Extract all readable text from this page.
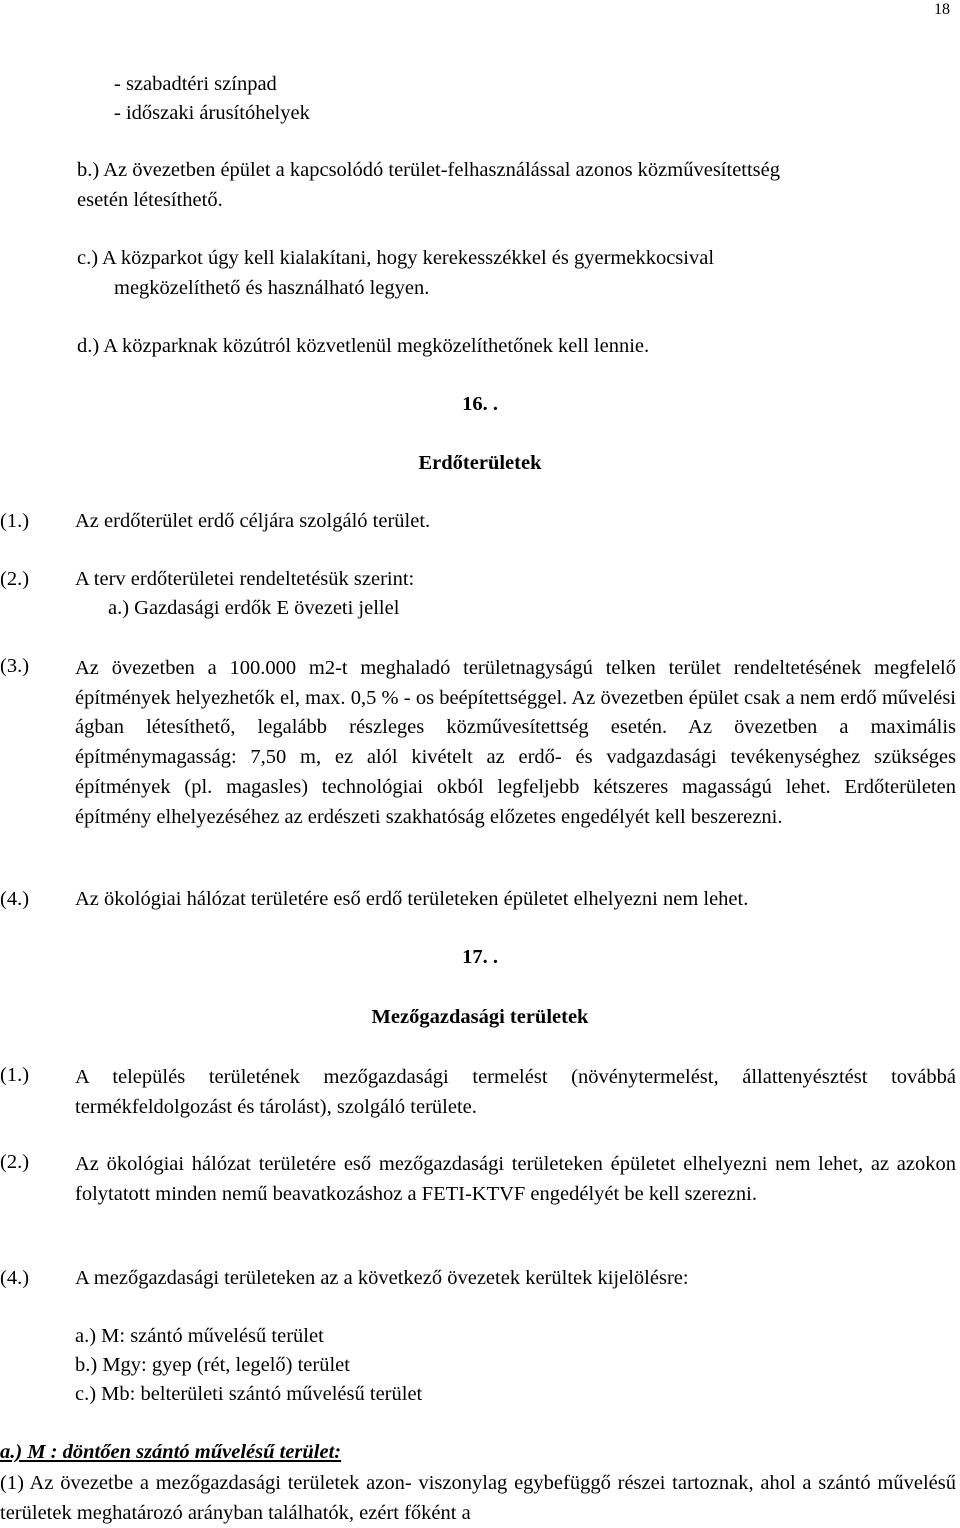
18
- szabadtéri színpad
- időszaki árusítóhelyek
b.) Az övezetben épület a kapcsolódó terület-felhasználással azonos közművesítettség
esetén létesíthető.
c.) A közparkot úgy kell kialakítani, hogy kerekesszékkel és gyermekkocsival
megközelíthető és használható legyen.
d.) A közparknak közútról közvetlenül megközelíthetőnek kell lennie.
16. .
Erdőterületek
(1.) Az erdőterület erdő céljára szolgáló terület.
(2.) A terv erdőterületei rendeltetésük szerint:
a.) Gazdasági erdők E övezeti jellel
(3.) Az övezetben a 100.000 m2-t meghaladó területnagyságú telken terület rendeltetésének megfelelő építmények helyezhetők el, max. 0,5 % - os beépítettséggel. Az övezetben épület csak a nem erdő művelési ágban létesíthető, legalább részleges közművesítettség esetén. Az övezetben a maximális építménymagasság: 7,50 m, ez alól kivételt az erdő- és vadgazdasági tevékenységhez szükséges építmények (pl. magasles) technológiai okból legfeljebb kétszeres magasságú lehet. Erdőterületen építmény elhelyezéséhez az erdészeti szakhatóság előzetes engedélyét kell beszerezni.
(4.) Az ökológiai hálózat területére eső erdő területeken épületet elhelyezni nem lehet.
17. .
Mezőgazdasági területek
(1.) A település területének mezőgazdasági termelést (növénytermelést, állattenyésztést továbbá termékfeldolgozást és tárolást), szolgáló területe.
(2.) Az ökológiai hálózat területére eső mezőgazdasági területeken épületet elhelyezni nem lehet, az azokon folytatott minden nemű beavatkozáshoz a FETI-KTVF engedélyét be kell szerezni.
(4.) A mezőgazdasági területeken az a következő övezetek kerültek kijelölésre:
a.) M: szántó művelésű terület
b.) Mgy: gyep (rét, legelő) terület
c.) Mb: belterületi szántó művelésű terület
a.) M : döntően szántó művelésű terület:
(1) Az övezetbe a mezőgazdasági területek azon- viszonylag egybefüggő részei tartoznak, ahol a szántó művelésű területek meghatározó arányban találhatók, ezért főként a
